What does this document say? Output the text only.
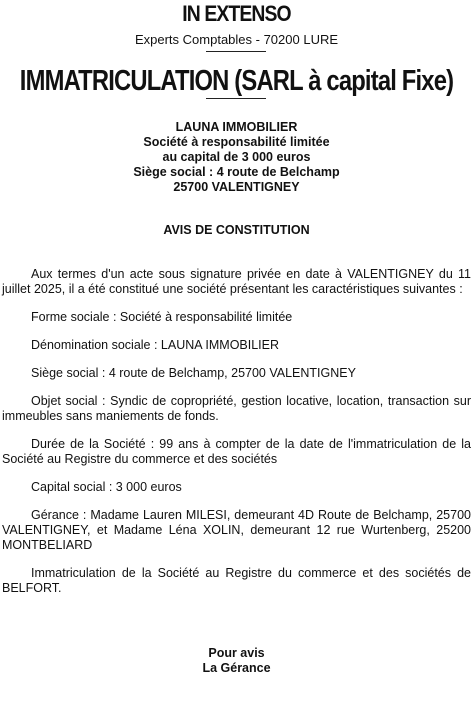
IN EXTENSO
Experts Comptables - 70200 LURE
IMMATRICULATION (SARL à capital Fixe)
LAUNA IMMOBILIER
Société à responsabilité limitée
au capital de 3 000 euros
Siège social : 4 route de Belchamp
25700 VALENTIGNEY
AVIS DE CONSTITUTION

Aux termes d'un acte sous signature privée en date à VALENTIGNEY du 11 juillet 2025, il a été constitué une société présentant les caractéristiques suivantes :

Forme sociale : Société à responsabilité limitée

Dénomination sociale : LAUNA IMMOBILIER

Siège social : 4 route de Belchamp, 25700 VALENTIGNEY

Objet social : Syndic de copropriété, gestion locative, location, transaction sur immeubles sans maniements de fonds.

Durée de la Société : 99 ans à compter de la date de l'immatriculation de la Société au Registre du commerce et des sociétés

Capital social : 3 000 euros

Gérance : Madame Lauren MILESI, demeurant 4D Route de Belchamp, 25700 VALENTIGNEY, et Madame Léna XOLIN, demeurant 12 rue Wurtenberg, 25200 MONTBELIARD

Immatriculation de la Société au Registre du commerce et des sociétés de BELFORT.

Pour avis
La Gérance
